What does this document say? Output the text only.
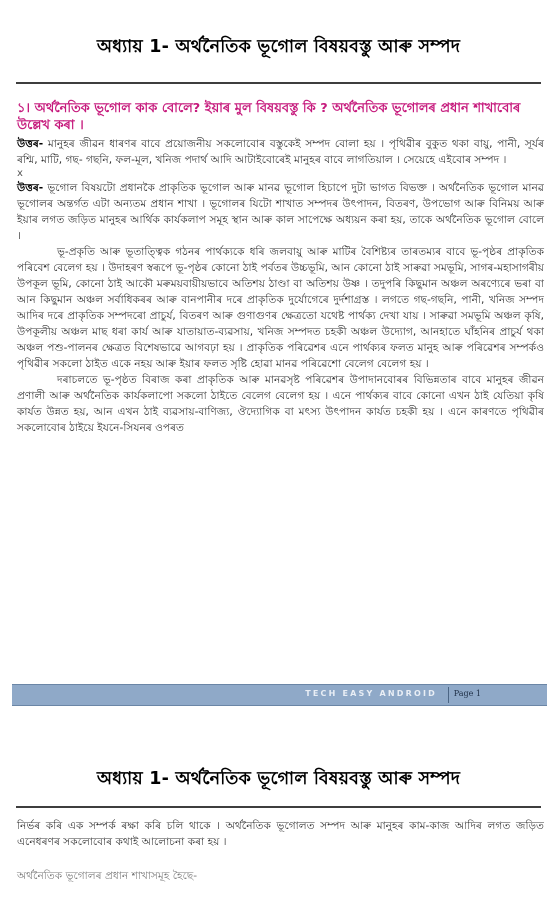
অধ্যায় 1- অর্থনৈতিক ভূগোল বিষয়বস্তু আৰু সম্পদ

১। অৰ্থনৈতিক ভূগোল কাক বোলে? ইয়াৰ মুল বিষয়বস্তু কি ? অৰ্থনৈতিক ভূগোলৰ প্ৰধান শাখাবোৰ উল্লেখ কৰা ।

উত্তৰ- মানুহৰ জীৱন ধাৰণৰ বাবে প্ৰয়োজনীয় সকলোবোৰ বস্তুকেই সম্পদ বোলা হয় । পৃথিৱীৰ বুকুত থকা বায়ু, পানী, সূৰ্যৰ ৰশ্মি, মাটি, গছ- গছনি, ফল-মূল, খনিজ পদাৰ্থ আদি আটাইবোৰেই মানুহৰ বাবে লাগতিয়াল । সেয়েহে এইবোৰ সম্পদ ।

x

উত্তৰ- ভূগোল বিষয়টো প্ৰধানকৈ প্ৰাকৃতিক ভূগোল আৰু মানৱ ভূগোল হিচাপে দুটা ভাগত বিভক্ত । অৰ্থনৈতিক ভূগোল মানৱ ভূগোলৰ অন্তৰ্গত এটা অন্যতম প্ৰধান শাখা । ভূগোলৰ যিটো শাখাত সম্পদৰ উৎপাদন, বিতৰণ, উপভোগ আৰু বিনিময় আৰু ইয়াৰ লগত জড়িত মানুহৰ আৰ্থিক কাৰ্যকলাপ সমূহ স্থান আৰু কাল সাপেক্ষে অধ্যয়ন কৰা হয়, তাকে অৰ্থনৈতিক ভূগোল বোলে ।

ভূ-প্ৰকৃতি আৰু ভূতাত্ত্বিক গঠনৰ পাৰ্থক্যকে ধৰি জলবায়ু আৰু মাটিৰ বৈশিষ্ট্যৰ তাৰতম্যৰ বাবে ভূ-পৃষ্ঠৰ প্ৰাকৃতিক পৰিবেশ বেলেগ হয় । উদাহৰণ স্বৰূপে ভূ-পৃষ্ঠৰ কোনো ঠাই পৰ্বতৰ উচ্চভূমি, আন কোনো ঠাই সাৰুৱা সমভূমি, সাগৰ-মহাসাগৰীয় উপকূল ভূমি, কোনো ঠাই আকৌ মৰুময়বায়ীয়ভাবে অতিশয় ঠাণ্ডা বা অতিশয় উষ্ণ । তদুপৰি কিছুমান অঞ্চল অৰণ্যেৰে ভৰা বা আন কিছুমান অঞ্চল সৰ্বাধিকৰৰ আৰু বানপানীৰ দৰে প্ৰাকৃতিক দুৰ্যোগেৰে দুৰ্দশাগ্ৰস্ত । লগতে গছ-গছনি, পানী, খনিজ সম্পদ আদিৰ দৰে প্ৰাকৃতিক সম্পদৰো প্ৰাচুৰ্য, বিতৰণ আৰু গুণাগুণৰ ক্ষেত্ৰতো যথেষ্ট পাৰ্থক্য দেখা যায় । সাৰুৱা সমভূমি অঞ্চল কৃষি, উপকূলীয় অঞ্চল মাছ ধৰা কাৰ্য আৰু যাতায়াত-ব্যৱসায়, খনিজ সম্পদত চহকী অঞ্চল উদ্যোগ, আনহাতে ঘাঁহনিৰ প্ৰাচুৰ্য থকা অঞ্চল পশু-পালনৰ ক্ষেত্ৰত বিশেষভাৱে আগবঢ়া হয় । প্ৰাকৃতিক পৰিৱেশৰ এনে পাৰ্থক্যৰ ফলত মানুহ আৰু পৰিৱেশৰ সম্পৰ্কও পৃথিৱীৰ সকলো ঠাইত একে নহয় আৰু ইয়াৰ ফলত সৃষ্টি হোৱা মানৱ পৰিৱেশো বেলেগ বেলেগ হয় ।

দৰাচলতে ভূ-পৃষ্ঠত বিৰাজ কৰা প্ৰাকৃতিক আৰু মানৱসৃষ্ট পৰিৱেশৰ উপাদানবোৰৰ বিভিন্নতাৰ বাবে মানুহৰ জীৱন প্ৰণালী আৰু অৰ্থনৈতিক কাৰ্যকলাপো সকলো ঠাইতে বেলেগ বেলেগ হয় । এনে পাৰ্থক্যৰ বাবে কোনো এখন ঠাই যেতিয়া কৃষি কাৰ্যত উন্নত হয়, আন এখন ঠাই ব্যৱসায়-বাণিজ্য, ঔদ্যোগিক বা মৎস্য উৎপাদন কাৰ্যত চহকী হয় । এনে কাৰণতে পৃথিৱীৰ সকলোবোৰ ঠাইয়ে ইযনে-সিযনৰ ওপৰত

TECH EASY ANDROID Page 1
অধ্যায় 1- অর্থনৈতিক ভূগোল বিষয়বস্তু আৰু সম্পদ

নিৰ্ভৰ কৰি এক সম্পৰ্ক ৰক্ষা কৰি চলি থাকে । অৰ্থনৈতিক ভূগোলত সম্পদ আৰু মানুহৰ কাম-কাজ আদিৰ লগত জড়িত এনেধৰণৰ সকলোবোৰ কথাই আলোচনা কৰা হয় ।

অৰ্থনৈতিক ভূগোলৰ প্ৰধান শাখাসমূহ হৈছে-
